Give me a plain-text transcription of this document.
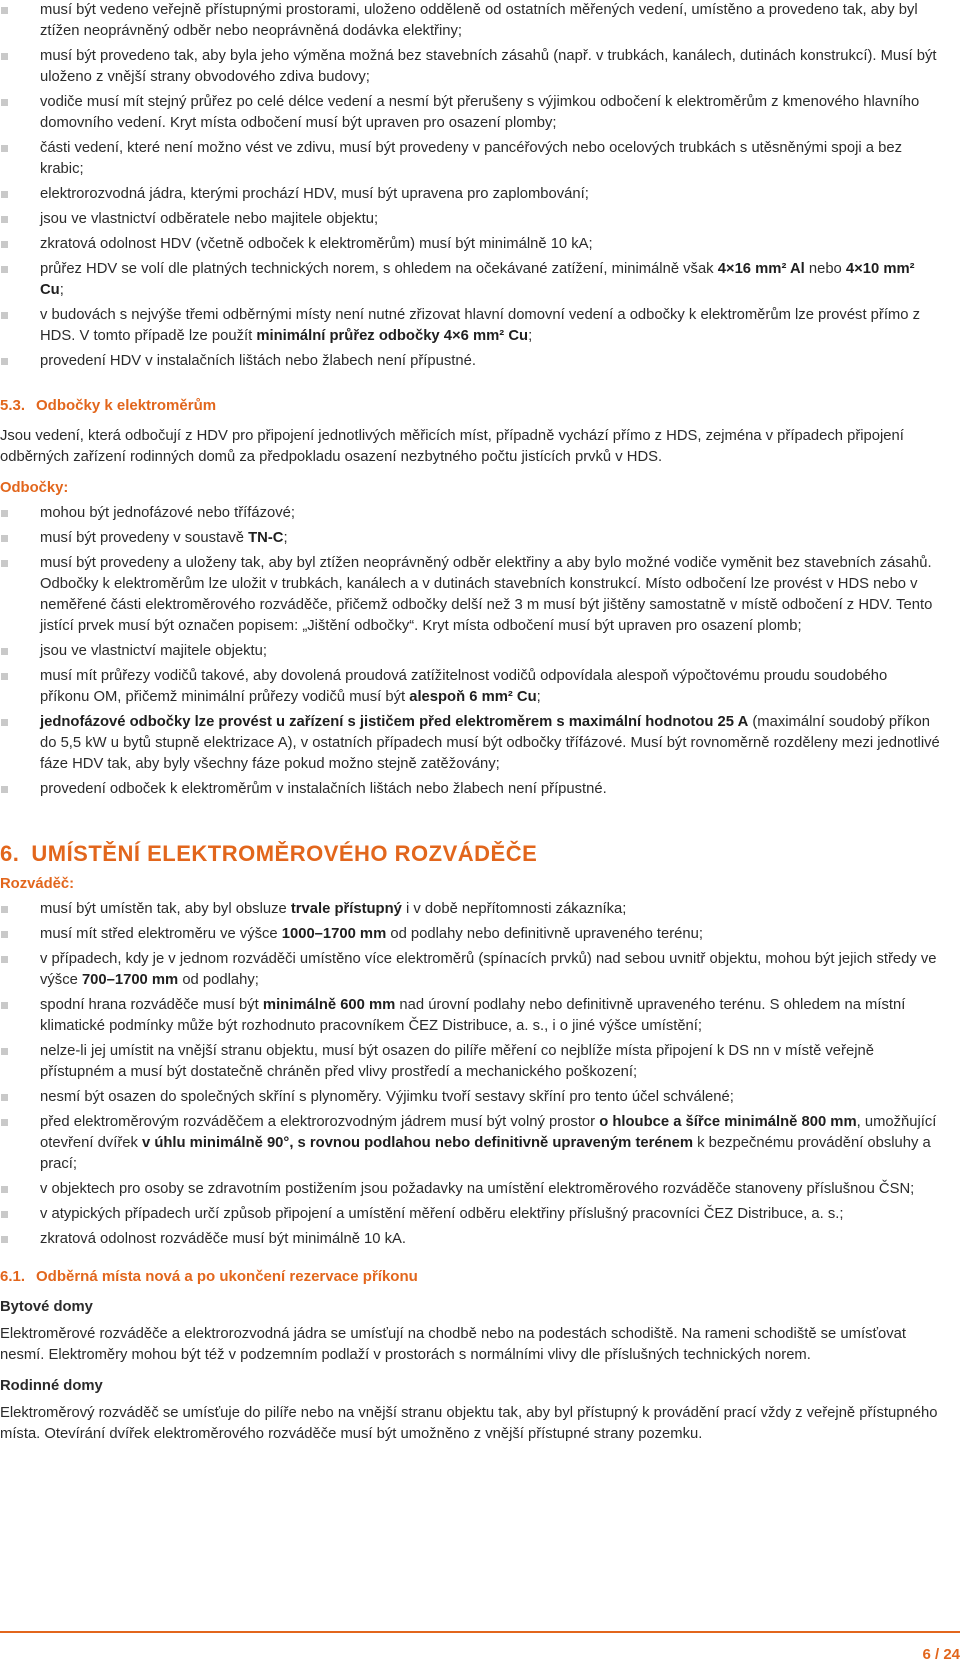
musí být vedeno veřejně přístupnými prostorami, uloženo odděleně od ostatních měřených vedení, umístěno a provedeno tak, aby byl ztížen neoprávněný odběr nebo neoprávněná dodávka elektřiny;
musí být provedeno tak, aby byla jeho výměna možná bez stavebních zásahů (např. v trubkách, kanálech, dutinách konstrukcí). Musí být uloženo z vnější strany obvodového zdiva budovy;
vodiče musí mít stejný průřez po celé délce vedení a nesmí být přerušeny s výjimkou odbočení k elektroměrům z kmenového hlavního domovního vedení. Kryt místa odbočení musí být upraven pro osazení plomby;
části vedení, které není možno vést ve zdivu, musí být provedeny v pancéřových nebo ocelových trubkách s utěsněnými spoji a bez krabic;
elektrorozvodná jádra, kterými prochází HDV, musí být upravena pro zaplombování;
jsou ve vlastnictví odběratele nebo majitele objektu;
zkratová odolnost HDV (včetně odboček k elektroměrům) musí být minimálně 10 kA;
průřez HDV se volí dle platných technických norem, s ohledem na očekávané zatížení, minimálně však 4×16 mm² Al nebo 4×10 mm² Cu;
v budovách s nejvýše třemi odběrnými místy není nutné zřizovat hlavní domovní vedení a odbočky k elektroměrům lze provést přímo z HDS. V tomto případě lze použít minimální průřez odbočky 4×6 mm² Cu;
provedení HDV v instalačních lištách nebo žlabech není přípustné.
5.3. Odbočky k elektroměrům

Jsou vedení, která odbočují z HDV pro připojení jednotlivých měřicích míst, případně vychází přímo z HDS, zejména v případech připojení odběrných zařízení rodinných domů za předpokladu osazení nezbytného počtu jistících prvků v HDS.

Odbočky:
mohou být jednofázové nebo třífázové;
musí být provedeny v soustavě TN-C;
musí být provedeny a uloženy tak, aby byl ztížen neoprávněný odběr elektřiny a aby bylo možné vodiče vyměnit bez stavebních zásahů. Odbočky k elektroměrům lze uložit v trubkách, kanálech a v dutinách stavebních konstrukcí. Místo odbočení lze provést v HDS nebo v neměřené části elektroměrového rozváděče, přičemž odbočky delší než 3 m musí být jištěny samostatně v místě odbočení z HDV. Tento jistící prvek musí být označen popisem: „Jištění odbočky“. Kryt místa odbočení musí být upraven pro osazení plomb;
jsou ve vlastnictví majitele objektu;
musí mít průřezy vodičů takové, aby dovolená proudová zatížitelnost vodičů odpovídala alespoň výpočtovému proudu soudobého příkonu OM, přičemž minimální průřezy vodičů musí být alespoň 6 mm² Cu;
jednofázové odbočky lze provést u zařízení s jističem před elektroměrem s maximální hodnotou 25 A (maximální soudobý příkon do 5,5 kW u bytů stupně elektrizace A), v ostatních případech musí být odbočky třífázové. Musí být rovnoměrně rozděleny mezi jednotlivé fáze HDV tak, aby byly všechny fáze pokud možno stejně zatěžovány;
provedení odboček k elektroměrům v instalačních lištách nebo žlabech není přípustné.
6. UMÍSTĚNÍ ELEKTROMĚROVÉHO ROZVÁDĚČE
Rozváděč:
musí být umístěn tak, aby byl obsluze trvale přístupný i v době nepřítomnosti zákazníka;
musí mít střed elektroměru ve výšce 1000–1700 mm od podlahy nebo definitivně upraveného terénu;
v případech, kdy je v jednom rozváděči umístěno více elektroměrů (spínacích prvků) nad sebou uvnitř objektu, mohou být jejich středy ve výšce 700–1700 mm od podlahy;
spodní hrana rozváděče musí být minimálně 600 mm nad úrovní podlahy nebo definitivně upraveného terénu. S ohledem na místní klimatické podmínky může být rozhodnuto pracovníkem ČEZ Distribuce, a. s., i o jiné výšce umístění;
nelze-li jej umístit na vnější stranu objektu, musí být osazen do pilíře měření co nejblíže místa připojení k DS nn v místě veřejně přístupném a musí být dostatečně chráněn před vlivy prostředí a mechanického poškození;
nesmí být osazen do společných skříní s plynoměry. Výjimku tvoří sestavy skříní pro tento účel schválené;
před elektroměrovým rozváděčem a elektrorozvodným jádrem musí být volný prostor o hloubce a šířce minimálně 800 mm, umožňující otevření dvířek v úhlu minimálně 90°, s rovnou podlahou nebo definitivně upraveným terénem k bezpečnému provádění obsluhy a prací;
v objektech pro osoby se zdravotním postižením jsou požadavky na umístění elektroměrového rozváděče stanoveny příslušnou ČSN;
v atypických případech určí způsob připojení a umístění měření odběru elektřiny příslušný pracovníci ČEZ Distribuce, a. s.;
zkratová odolnost rozváděče musí být minimálně 10 kA.
6.1. Odběrná místa nová a po ukončení rezervace příkonu
Bytové domy

Elektroměrové rozváděče a elektrorozvodná jádra se umísťují na chodbě nebo na podestách schodiště. Na rameni schodiště se umísťovat nesmí. Elektroměry mohou být též v podzemním podlaží v prostorách s normálními vlivy dle příslušných technických norem.

Rodinné domy

Elektroměrový rozváděč se umísťuje do pilíře nebo na vnější stranu objektu tak, aby byl přístupný k provádění prací vždy z veřejně přístupného místa. Otevírání dvířek elektroměrového rozváděče musí být umožněno z vnější přístupné strany pozemku.

6 / 24
